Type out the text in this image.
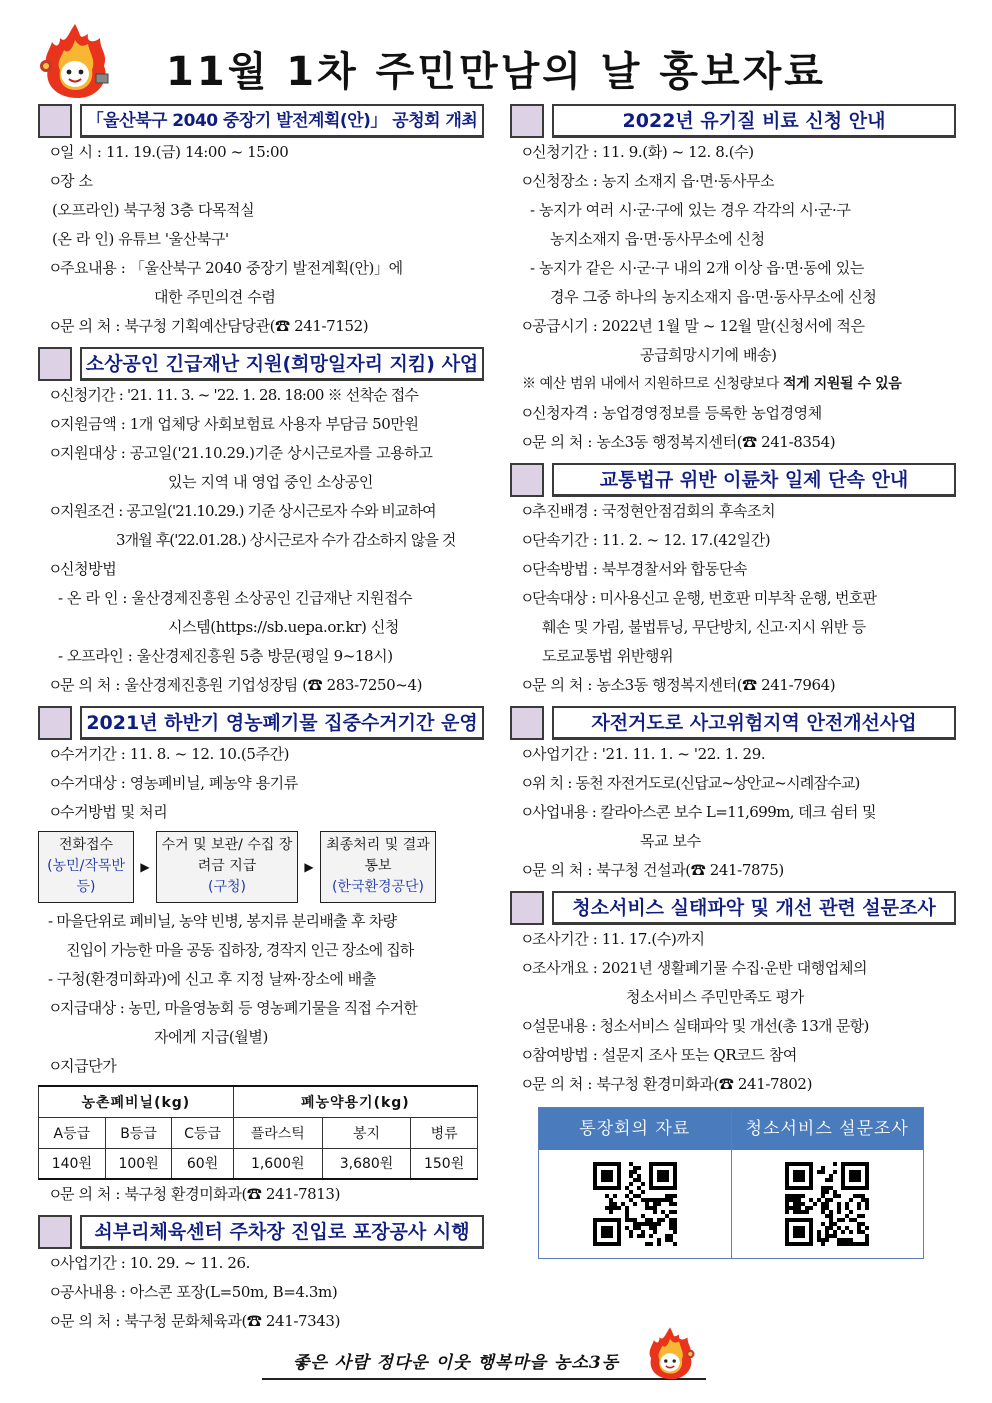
11월 1차 주민만남의 날 홍보자료
「울산북구 2040 중장기 발전계획(안)」 공청회 개최
ㅇ일 시 : 11. 19.(금) 14:00 ~ 15:00
ㅇ장 소
(오프라인) 북구청 3층 다목적실
(온 라 인) 유튜브 '울산북구'
ㅇ주요내용 : 「울산북구 2040 중장기 발전계획(안)」에
대한 주민의견 수렴
ㅇ문 의 처 : 북구청 기획예산담당관(☎ 241-7152)
소상공인 긴급재난 지원(희망일자리 지킴) 사업
ㅇ신청기간 : '21. 11. 3. ~ '22. 1. 28. 18:00 ※ 선착순 접수
ㅇ지원금액 : 1개 업체당 사회보험료 사용자 부담금 50만원
ㅇ지원대상 : 공고일('21.10.29.)기준 상시근로자를 고용하고
있는 지역 내 영업 중인 소상공인
ㅇ지원조건 : 공고일('21.10.29.) 기준 상시근로자 수와 비교하여
3개월 후('22.01.28.) 상시근로자 수가 감소하지 않을 것
ㅇ신청방법
- 온 라 인 : 울산경제진흥원 소상공인 긴급재난 지원접수
시스템(https://sb.uepa.or.kr) 신청
- 오프라인 : 울산경제진흥원 5층 방문(평일 9~18시)
ㅇ문 의 처 : 울산경제진흥원 기업성장팀 (☎ 283-7250~4)
2021년 하반기 영농폐기물 집중수거기간 운영
ㅇ수거기간 : 11. 8. ~ 12. 10.(5주간)
ㅇ수거대상 : 영농폐비닐, 폐농약 용기류
ㅇ수거방법 및 처리
전화접수
(농민/작목반 등)
▶
수거 및 보관/ 수집 장려금 지급
(구청)
▶
최종처리 및 결과통보
(한국환경공단)
- 마을단위로 폐비닐, 농약 빈병, 봉지류 분리배출 후 차량
진입이 가능한 마을 공동 집하장, 경작지 인근 장소에 집하
- 구청(환경미화과)에 신고 후 지정 날짜·장소에 배출
ㅇ지급대상 : 농민, 마을영농회 등 영농폐기물을 직접 수거한
자에게 지급(월별)
ㅇ지급단가
농촌폐비닐(kg)			폐농약용기(kg)		
A등급	B등급	C등급	플라스틱	봉지	병류
140원	100원	60원	1,600원	3,680원	150원
ㅇ문 의 처 : 북구청 환경미화과(☎ 241-7813)
쇠부리체육센터 주차장 진입로 포장공사 시행
ㅇ사업기간 : 10. 29. ~ 11. 26.
ㅇ공사내용 : 아스콘 포장(L=50m, B=4.3m)
ㅇ문 의 처 : 북구청 문화체육과(☎ 241-7343)
2022년 유기질 비료 신청 안내
ㅇ신청기간 : 11. 9.(화) ~ 12. 8.(수)
ㅇ신청장소 : 농지 소재지 읍·면·동사무소
- 농지가 여러 시·군·구에 있는 경우 각각의 시·군·구
농지소재지 읍·면·동사무소에 신청
- 농지가 같은 시·군·구 내의 2개 이상 읍·면·동에 있는
경우 그중 하나의 농지소재지 읍·면·동사무소에 신청
ㅇ공급시기 : 2022년 1월 말 ~ 12월 말(신청서에 적은
공급희망시기에 배송)
※ 예산 범위 내에서 지원하므로 신청량보다 적게 지원될 수 있음
ㅇ신청자격 : 농업경영정보를 등록한 농업경영체
ㅇ문 의 처 : 농소3동 행정복지센터(☎ 241-8354)
교통법규 위반 이륜차 일제 단속 안내
ㅇ추진배경 : 국정현안점검회의 후속조치
ㅇ단속기간 : 11. 2. ~ 12. 17.(42일간)
ㅇ단속방법 : 북부경찰서와 합동단속
ㅇ단속대상 : 미사용신고 운행, 번호판 미부착 운행, 번호판
훼손 및 가림, 불법튜닝, 무단방치, 신고·지시 위반 등
도로교통법 위반행위
ㅇ문 의 처 : 농소3동 행정복지센터(☎ 241-7964)
자전거도로 사고위험지역 안전개선사업
ㅇ사업기간 : '21. 11. 1. ~ '22. 1. 29.
ㅇ위 치 : 동천 자전거도로(신답교~상안교~시례잠수교)
ㅇ사업내용 : 칼라아스콘 보수 L=11,699m, 데크 쉼터 및
목교 보수
ㅇ문 의 처 : 북구청 건설과(☎ 241-7875)
청소서비스 실태파악 및 개선 관련 설문조사
ㅇ조사기간 : 11. 17.(수)까지
ㅇ조사개요 : 2021년 생활폐기물 수집·운반 대행업체의
청소서비스 주민만족도 평가
ㅇ설문내용 : 청소서비스 실태파악 및 개선(총 13개 문항)
ㅇ참여방법 : 설문지 조사 또는 QR코드 참여
ㅇ문 의 처 : 북구청 환경미화과(☎ 241-7802)
통장회의 자료	청소서비스 설문조사
좋은 사람 정다운 이웃 행복마을 농소3동
